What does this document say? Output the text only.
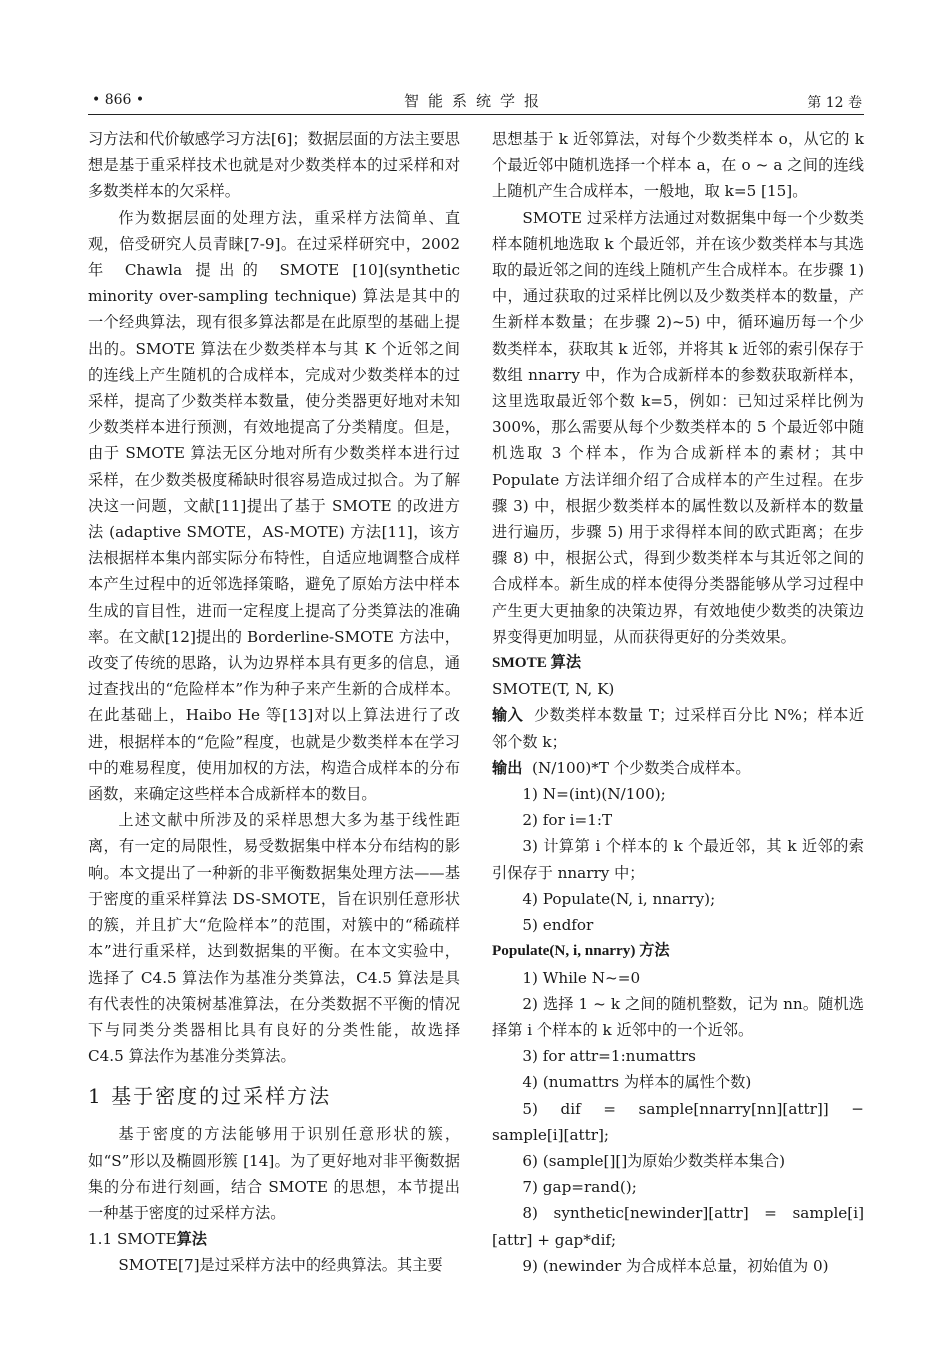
• 866 •	智能系统学报	第 12 卷

习方法和代价敏感学习方法[6]；数据层面的方法主要思想是基于重采样技术也就是对少数类样本的过采样和对多数类样本的欠采样。

作为数据层面的处理方法，重采样方法简单、直观，倍受研究人员青睐[7-9]。在过采样研究中，2002 年 Chawla 提出的 SMOTE [10](synthetic minority over-sampling technique) 算法是其中的一个经典算法，现有很多算法都是在此原型的基础上提出的。SMOTE 算法在少数类样本与其 K 个近邻之间的连线上产生随机的合成样本，完成对少数类样本的过采样，提高了少数类样本数量，使分类器更好地对未知少数类样本进行预测，有效地提高了分类精度。但是，由于 SMOTE 算法无区分地对所有少数类样本进行过采样，在少数类极度稀缺时很容易造成过拟合。为了解决这一问题，文献[11]提出了基于 SMOTE 的改进方法 (adaptive SMOTE，AS-MOTE) 方法[11]，该方法根据样本集内部实际分布特性，自适应地调整合成样本产生过程中的近邻选择策略，避免了原始方法中样本生成的盲目性，进而一定程度上提高了分类算法的准确率。在文献[12]提出的 Borderline-SMOTE 方法中，改变了传统的思路，认为边界样本具有更多的信息，通过查找出的“危险样本”作为种子来产生新的合成样本。在此基础上，Haibo He 等[13]对以上算法进行了改进，根据样本的“危险”程度，也就是少数类样本在学习中的难易程度，使用加权的方法，构造合成样本的分布函数，来确定这些样本合成新样本的数目。

上述文献中所涉及的采样思想大多为基于线性距离，有一定的局限性，易受数据集中样本分布结构的影响。本文提出了一种新的非平衡数据集处理方法——基于密度的重采样算法 DS-SMOTE，旨在识别任意形状的簇，并且扩大“危险样本”的范围，对簇中的“稀疏样本”进行重采样，达到数据集的平衡。在本文实验中，选择了 C4.5 算法作为基准分类算法，C4.5 算法是具有代表性的决策树基准算法，在分类数据不平衡的情况下与同类分类器相比具有良好的分类性能，故选择 C4.5 算法作为基准分类算法。

1 基于密度的过采样方法

基于密度的方法能够用于识别任意形状的簇，如“S”形以及椭圆形簇 [14]。为了更好地对非平衡数据集的分布进行刻画，结合 SMOTE 的思想，本节提出一种基于密度的过采样方法。

1.1 SMOTE算法

SMOTE[7]是过采样方法中的经典算法。其主要

思想基于 k 近邻算法，对每个少数类样本 o，从它的 k 个最近邻中随机选择一个样本 a，在 o ~ a 之间的连线上随机产生合成样本，一般地，取 k=5 [15]。

SMOTE 过采样方法通过对数据集中每一个少数类样本随机地选取 k 个最近邻，并在该少数类样本与其选取的最近邻之间的连线上随机产生合成样本。在步骤 1) 中，通过获取的过采样比例以及少数类样本的数量，产生新样本数量；在步骤 2)~5) 中，循环遍历每一个少数类样本，获取其 k 近邻，并将其 k 近邻的索引保存于数组 nnarry 中，作为合成新样本的参数获取新样本，这里选取最近邻个数 k=5，例如：已知过采样比例为 300%，那么需要从每个少数类样本的 5 个最近邻中随机选取 3 个样本，作为合成新样本的素材；其中 Populate 方法详细介绍了合成样本的产生过程。在步骤 3) 中，根据少数类样本的属性数以及新样本的数量进行遍历，步骤 5) 用于求得样本间的欧式距离；在步骤 8) 中，根据公式，得到少数类样本与其近邻之间的合成样本。新生成的样本使得分类器能够从学习过程中产生更大更抽象的决策边界，有效地使少数类的决策边界变得更加明显，从而获得更好的分类效果。

SMOTE 算法

SMOTE(T, N, K)

输入 少数类样本数量 T；过采样百分比 N%；样本近邻个数 k；

输出 (N/100)*T 个少数类合成样本。

1) N=(int)(N/100);

2) for i=1:T

3) 计算第 i 个样本的 k 个最近邻，其 k 近邻的索引保存于 nnarry 中；

4) Populate(N, i, nnarry);

5) endfor

Populate(N, i, nnarry) 方法

1) While N~=0

2) 选择 1 ~ k 之间的随机整数，记为 nn。随机选择第 i 个样本的 k 近邻中的一个近邻。

3) for attr=1:numattrs

4) (numattrs 为样本的属性个数)

5) dif = sample[nnarry[nn][attr]] − sample[i][attr];

6) (sample[][]为原始少数类样本集合)

7) gap=rand();

8) synthetic[newinder][attr] = sample[i][attr] + gap*dif;

9) (newinder 为合成样本总量，初始值为 0)
